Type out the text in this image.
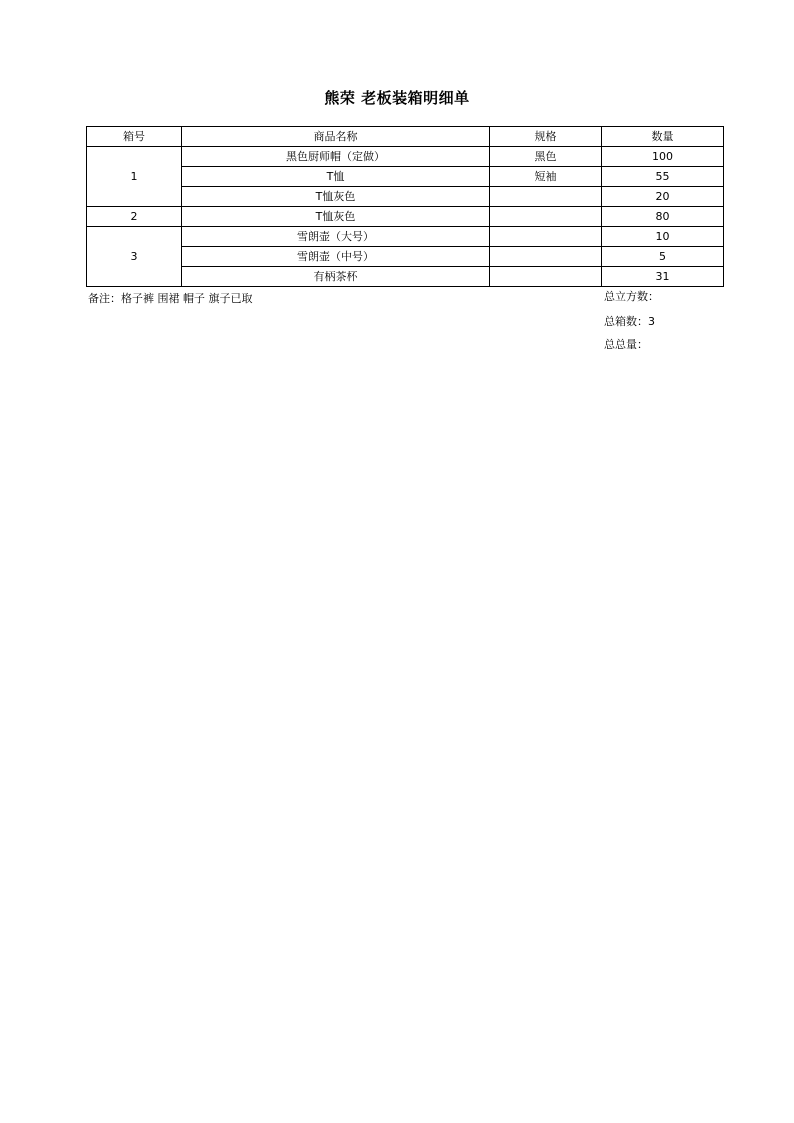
熊荣 老板装箱明细单
箱号	商品名称	规格	数量
1	黑色厨师帽（定做）	黑色	100
	T恤	短袖	55
	T恤灰色		20
2	T恤灰色		80
3	雪朗壶（大号）		10
	雪朗壶（中号）		5
	有柄茶杯		31
备注：格子裤 围裙 帽子 旗子已取	总立方数：
总箱数：3
总总量：
